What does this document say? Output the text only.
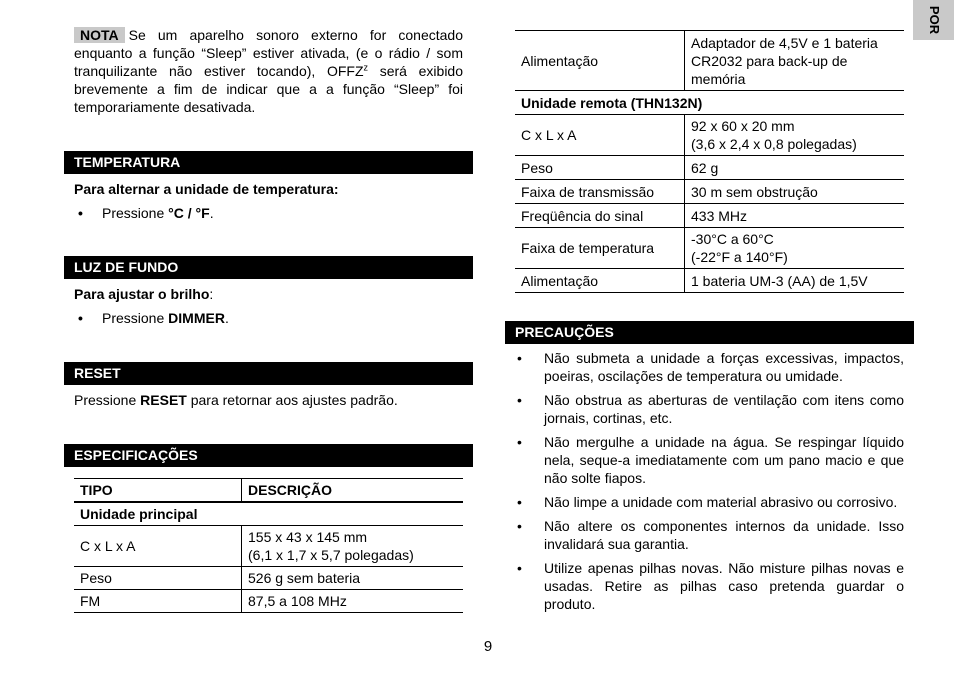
POR
NOTA Se um aparelho sonoro externo for conectado enquanto a função “Sleep” estiver ativada, (e o rádio / som tranquilizante não estiver tocando), OFFZ$^z$ será exibido brevemente a fim de indicar que a a função “Sleep” foi temporariamente desativada.
TEMPERATURA
Para alternar a unidade de temperatura:
• Pressione °C / °F.
LUZ DE FUNDO
Para ajustar o brilho:
• Pressione DIMMER.
RESET
Pressione RESET para retornar aos ajustes padrão.
ESPECIFICAÇÕES
TIPO	DESCRIÇÃO
Unidade principal	
C x L x A	155 x 43 x 145 mm
(6,1 x 1,7 x 5,7 polegadas)

Peso	526 g sem bateria
FM	87,5 a 108 MHz
Alimentação	Adaptador de 4,5V e 1 bateria
CR2032 para back-up de
memória

Unidade remota (THN132N)	
C x L x A	92 x 60 x 20 mm
(3,6 x 2,4 x 0,8 polegadas)

Peso	62 g
Faixa de transmissão	30 m sem obstrução
Freqüência do sinal	433 MHz
Faixa de temperatura	-30°C a 60°C
(-22°F a 140°F)

Alimentação	1 bateria UM-3 (AA) de 1,5V
PRECAUÇÕES
• Não submeta a unidade a forças excessivas, impactos, poeiras, oscilações de temperatura ou umidade.
• Não obstrua as aberturas de ventilação com itens como jornais, cortinas, etc.
• Não mergulhe a unidade na água. Se respingar líquido nela, seque-a imediatamente com um pano macio e que não solte fiapos.
• Não limpe a unidade com material abrasivo ou corrosivo.
• Não altere os componentes internos da unidade. Isso invalidará sua garantia.
• Utilize apenas pilhas novas. Não misture pilhas novas e usadas. Retire as pilhas caso pretenda guardar o produto.
9
